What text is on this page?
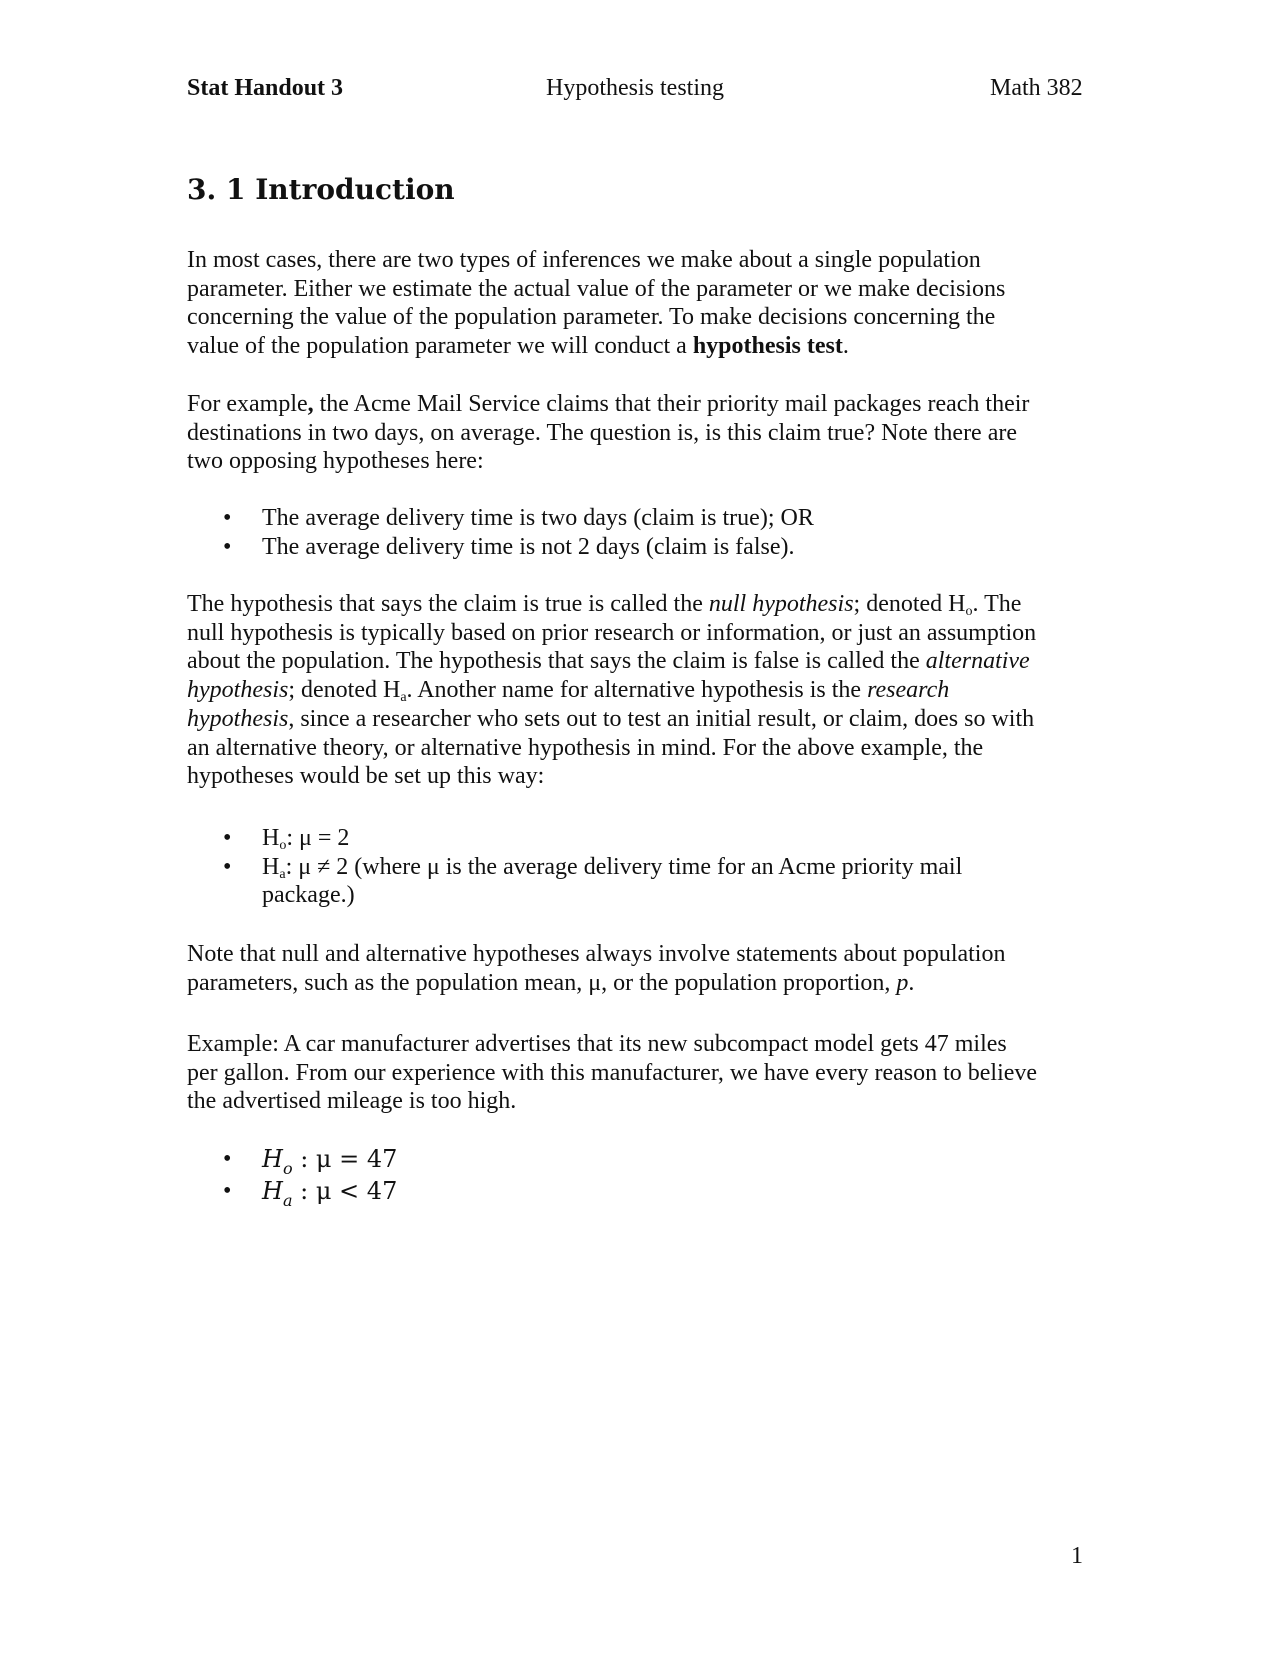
Stat Handout 3	Hypothesis testing	Math 382
3. 1 Introduction

In most cases, there are two types of inferences we make about a single population
parameter. Either we estimate the actual value of the parameter or we make decisions
concerning the value of the population parameter. To make decisions concerning the
value of the population parameter we will conduct a hypothesis test.

For example, the Acme Mail Service claims that their priority mail packages reach their
destinations in two days, on average. The question is, is this claim true? Note there are
two opposing hypotheses here:

• The average delivery time is two days (claim is true); OR
• The average delivery time is not 2 days (claim is false).

The hypothesis that says the claim is true is called the null hypothesis; denoted $H_o$. The
null hypothesis is typically based on prior research or information, or just an assumption
about the population. The hypothesis that says the claim is false is called the alternative
hypothesis; denoted $H_a$. Another name for alternative hypothesis is the research
hypothesis, since a researcher who sets out to test an initial result, or claim, does so with
an alternative theory, or alternative hypothesis in mind. For the above example, the
hypotheses would be set up this way:

• $H_o$: μ = 2
• $H_a$: μ ≠ 2 (where μ is the average delivery time for an Acme priority mail
package.)

Note that null and alternative hypotheses always involve statements about population
parameters, such as the population mean, μ, or the population proportion, p.

Example: A car manufacturer advertises that its new subcompact model gets 47 miles
per gallon. From our experience with this manufacturer, we have every reason to believe
the advertised mileage is too high.

• $H_o$ : μ = 47
• $H_a$ : μ < 47
1
